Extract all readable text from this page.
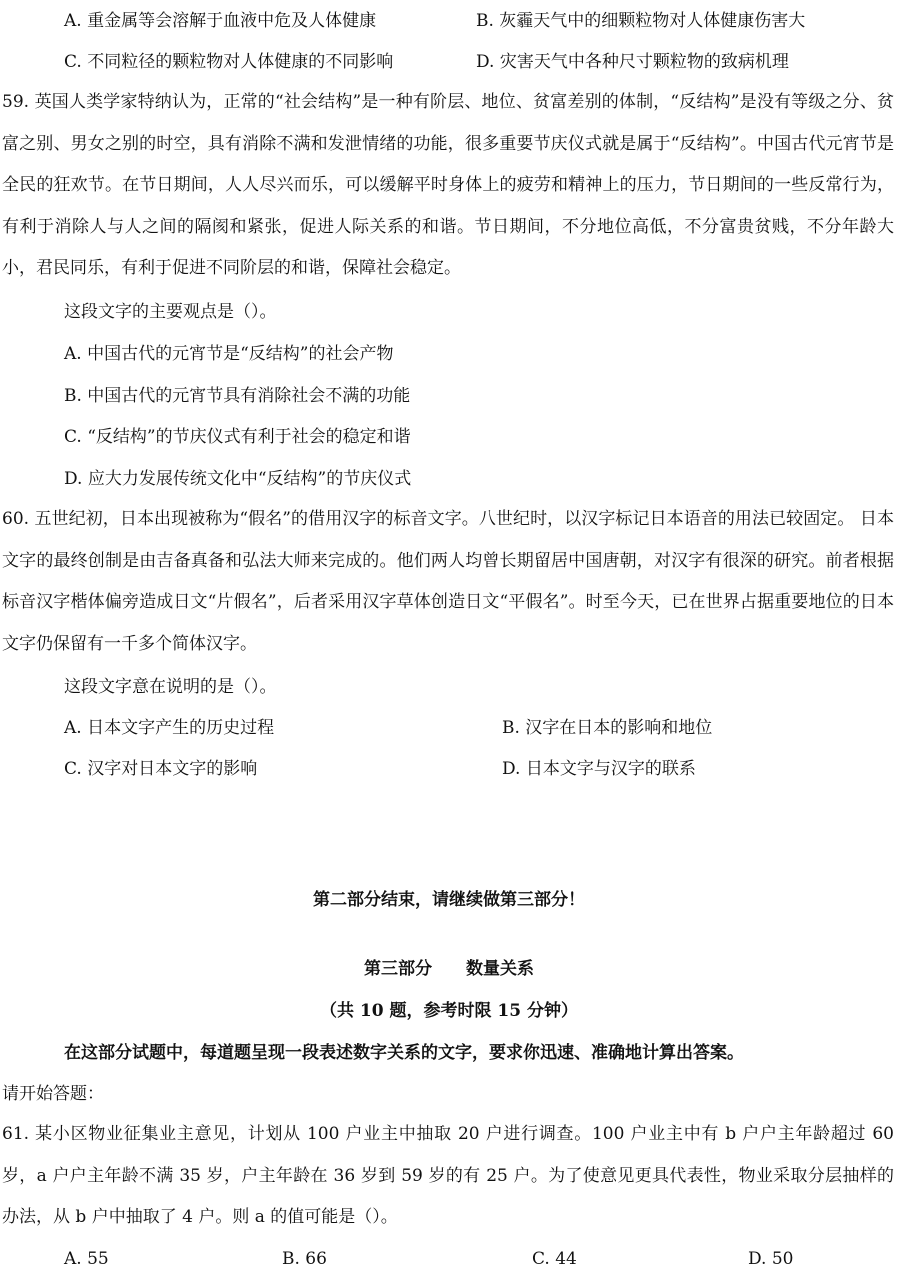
A. 重金属等会溶解于血液中危及人体健康	B. 灰霾天气中的细颗粒物对人体健康伤害大
C. 不同粒径的颗粒物对人体健康的不同影响	D. 灾害天气中各种尺寸颗粒物的致病机理
59. 英国人类学家特纳认为，正常的“社会结构”是一种有阶层、地位、贫富差别的体制，“反结构”是没有等级之分、贫富之别、男女之别的时空，具有消除不满和发泄情绪的功能，很多重要节庆仪式就是属于“反结构”。中国古代元宵节是全民的狂欢节。在节日期间，人人尽兴而乐，可以缓解平时身体上的疲劳和精神上的压力，节日期间的一些反常行为，有利于消除人与人之间的隔阂和紧张，促进人际关系的和谐。节日期间，不分地位高低，不分富贵贫贱，不分年龄大小，君民同乐，有利于促进不同阶层的和谐，保障社会稳定。
这段文字的主要观点是（）。
A. 中国古代的元宵节是“反结构”的社会产物
B. 中国古代的元宵节具有消除社会不满的功能
C. “反结构”的节庆仪式有利于社会的稳定和谐
D. 应大力发展传统文化中“反结构”的节庆仪式
60. 五世纪初，日本出现被称为“假名”的借用汉字的标音文字。八世纪时，以汉字标记日本语音的用法已较固定。 日本文字的最终创制是由吉备真备和弘法大师来完成的。他们两人均曾长期留居中国唐朝，对汉字有很深的研究。前者根据标音汉字楷体偏旁造成日文“片假名”，后者采用汉字草体创造日文“平假名”。时至今天，已在世界占据重要地位的日本文字仍保留有一千多个简体汉字。
这段文字意在说明的是（）。
A. 日本文字产生的历史过程	B. 汉字在日本的影响和地位
C. 汉字对日本文字的影响	D. 日本文字与汉字的联系
第二部分结束，请继续做第三部分！
第三部分　　数量关系
（共 10 题，参考时限 15 分钟）
在这部分试题中，每道题呈现一段表述数字关系的文字，要求你迅速、准确地计算出答案。
请开始答题：
61. 某小区物业征集业主意见，计划从 100 户业主中抽取 20 户进行调查。100 户业主中有 b 户户主年龄超过 60 岁，a 户户主年龄不满 35 岁，户主年龄在 36 岁到 59 岁的有 25 户。为了使意见更具代表性，物业采取分层抽样的办法，从 b 户中抽取了 4 户。则 a 的值可能是（）。
A. 55	B. 66	C. 44	D. 50
